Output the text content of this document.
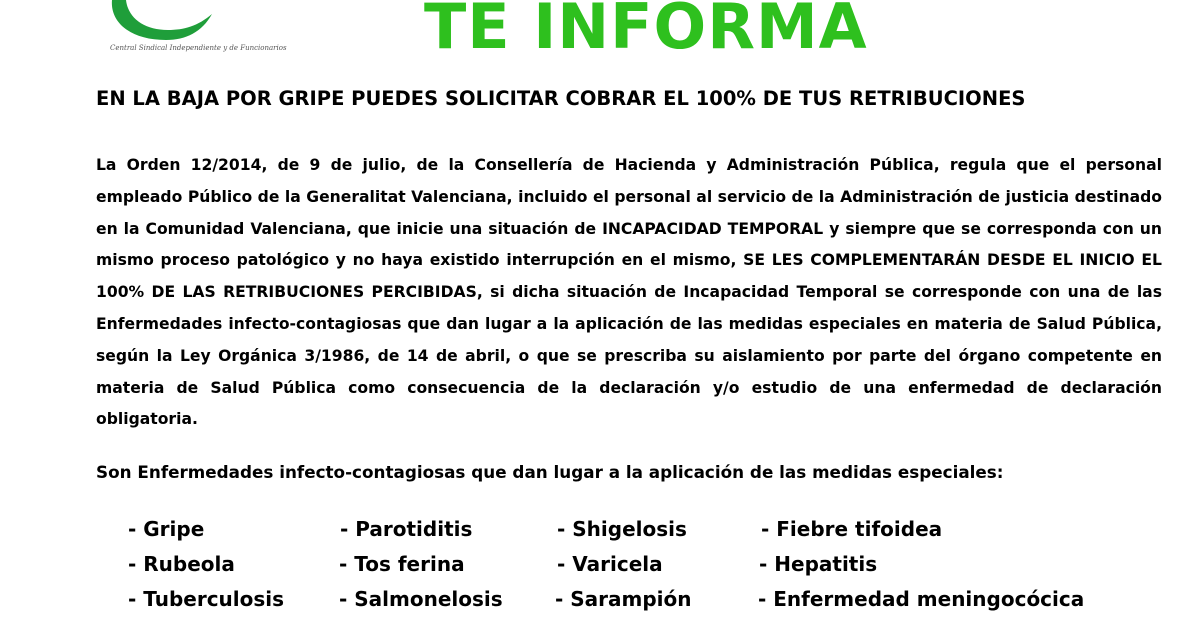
Central Sindical Independiente y de Funcionarios TE INFORMA
EN LA BAJA POR GRIPE PUEDES SOLICITAR COBRAR EL 100% DE TUS RETRIBUCIONES
La Orden 12/2014, de 9 de julio, de la Consellería de Hacienda y Administración Pública, regula que el personal empleado Público de la Generalitat Valenciana, incluido el personal al servicio de la Administración de justicia destinado en la Comunidad Valenciana, que inicie una situación de INCAPACIDAD TEMPORAL y siempre que se corresponda con un mismo proceso patológico y no haya existido interrupción en el mismo, SE LES COMPLEMENTARÁN DESDE EL INICIO EL 100% DE LAS RETRIBUCIONES PERCIBIDAS, si dicha situación de Incapacidad Temporal se corresponde con una de las Enfermedades infecto-contagiosas que dan lugar a la aplicación de las medidas especiales en materia de Salud Pública, según la Ley Orgánica 3/1986, de 14 de abril, o que se prescriba su aislamiento por parte del órgano competente en materia de Salud Pública como consecuencia de la declaración y/o estudio de una enfermedad de declaración obligatoria.
Son Enfermedades infecto-contagiosas que dan lugar a la aplicación de las medidas especiales:
- Gripe	- Parotiditis	- Shigelosis	- Fiebre tifoidea
- Rubeola	- Tos ferina	- Varicela	- Hepatitis
- Tuberculosis	- Salmonelosis	- Sarampión	- Enfermedad meningocócica
